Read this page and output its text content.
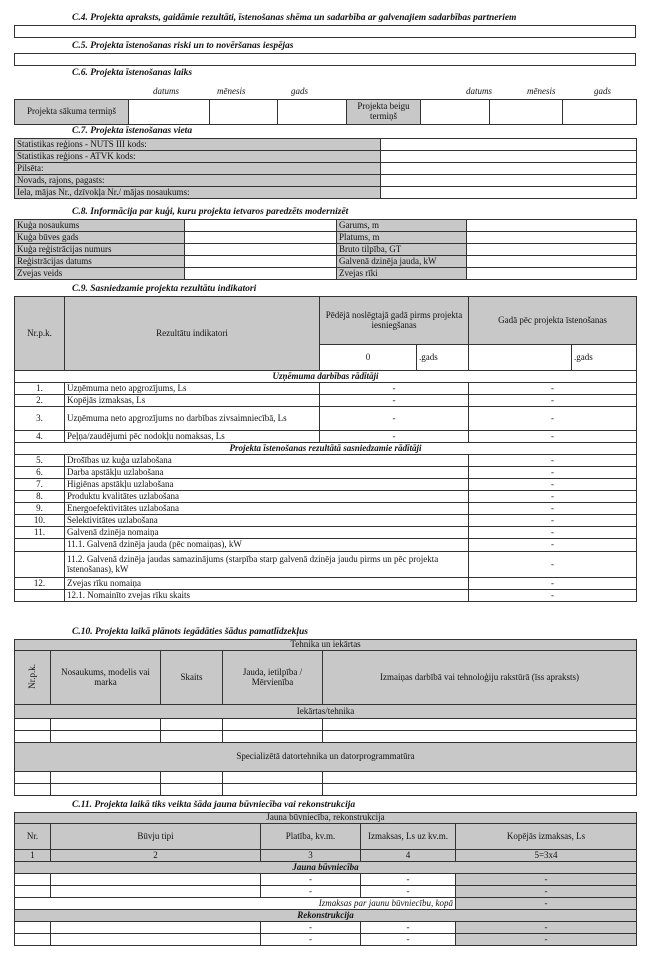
C.4. Projekta apraksts, gaidāmie rezultāti, īstenošanas shēma un sadarbība ar galvenajiem sadarbības partneriem
C.5. Projekta īstenošanas riski un to novēršanas iespējas
C.6. Projekta īstenošanas laiks
datums	mēnesis	gads	datums	mēnesis	gads
Projekta sākuma termiņš				Projekta beigu termiņš			
C.7. Projekta īstenošanas vieta
Statistikas reģions - NUTS III kods:	
Statistikas reģions - ATVK kods:	
Pilsēta:	
Novads, rajons, pagasts:	
Iela, mājas Nr., dzīvokļa Nr./ mājas nosaukums:	
C.8. Informācija par kuģi, kuru projekta ietvaros paredzēts modernizēt
Kuģa nosaukums		Garums, m	
Kuģa būves gads		Platums, m	
Kuģa reģistrācijas numurs		Bruto tilpība, GT	
Reģistrācijas datums		Galvenā dzinēja jauda, kW	
Zvejas veids		Zvejas rīki	
C.9. Sasniedzamie projekta rezultātu indikatori
Nr.p.k.	Rezultātu indikatori	Pēdējā noslēgtajā gadā pirms projekta iesniegšanas		Gadā pēc projekta īstenošanas	
		0	.gads		.gads
Uzņēmuma darbības rādītāji					
1.	Uzņēmuma neto apgrozījums, Ls	-		-	
2.	Kopējās izmaksas, Ls	-		-	
3.	Uzņēmuma neto apgrozījums no darbības zivsaimniecībā, Ls	-		-	
4.	Peļņa/zaudējumi pēc nodokļu nomaksas, Ls	-		-	
Projekta īstenošanas rezultātā sasniedzamie rādītāji					
5.	Drošības uz kuģa uzlabošana			-	
6.	Darba apstākļu uzlabošana			-	
7.	Higiēnas apstākļu uzlabošana			-	
8.	Produktu kvalitātes uzlabošana			-	
9.	Energoefektivitātes uzlabošana			-	
10.	Selektivitātes uzlabošana			-	
11.	Galvenā dzinēja nomaiņa			-	
	11.1. Galvenā dzinēja jauda (pēc nomaiņas), kW			-	
	11.2. Galvenā dzinēja jaudas samazinājums (starpība starp galvenā dzinēja jaudu pirms un pēc projekta īstenošanas), kW			-	
12.	Zvejas rīku nomaiņa			-	
	12.1. Nomainīto zvejas rīku skaits			-	
C.10. Projekta laikā plānots iegādāties šādus pamatlīdzekļus
Tehnika un iekārtas				
Nr.p.k.	Nosaukums, modelis vai marka	Skaits	Jauda, ietilpība / Mērvienība	Izmaiņas darbībā vai tehnoloģiju rakstūrā (īss apraksts)
Iekārtas/tehnika				

Specializētā datortehnika un datorprogrammatūra				

C.11. Projekta laikā tiks veikta šāda jauna būvniecība vai rekonstrukcija
Jauna būvniecība, rekonstrukcija				
Nr.	Būvju tipi	Platība, kv.m.	Izmaksas, Ls uz kv.m.	Kopējās izmaksas, Ls
1	2	3	4	5=3x4
Jauna būvniecība				
		-	-	-
		-	-	-
Izmaksas par jaunu būvniecību, kopā				-
Rekonstrukcija				
		-	-	-
		-	-	-
